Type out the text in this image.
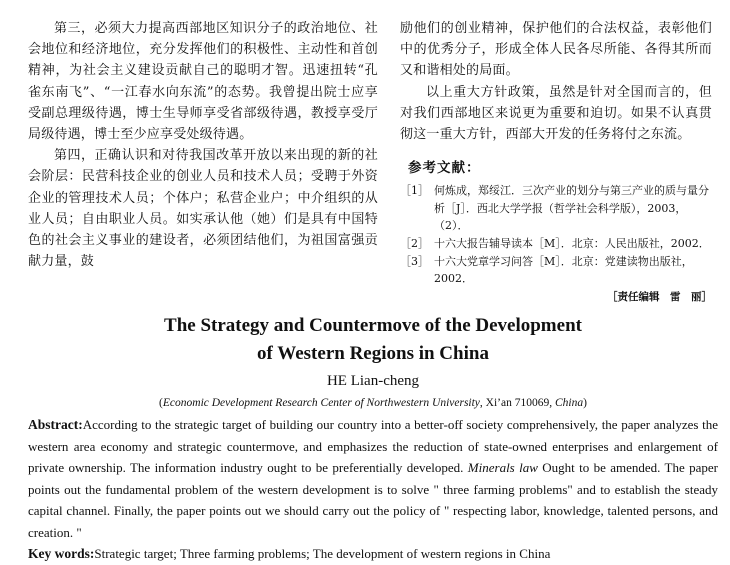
第三，必须大力提高西部地区知识分子的政治地位、社会地位和经济地位，充分发挥他们的积极性、主动性和首创精神，为社会主义建设贡献自己的聪明才智。迅速扭转“孔雀东南飞”、“一江春水向东流”的态势。我曾提出院士应享受副总理级待遇，博士生导师享受省部级待遇，教授享受厅局级待遇，博士至少应享受处级待遇。

第四，正确认识和对待我国改革开放以来出现的新的社会阶层：民营科技企业的创业人员和技术人员；受聘于外资企业的管理技术人员；个体户；私营企业户；中介组织的从业人员；自由职业人员。如实承认他（她）们是具有中国特色的社会主义事业的建设者，必须团结他们，为祖国富强贡献力量，鼓

励他们的创业精神，保护他们的合法权益，表彰他们中的优秀分子，形成全体人民各尽所能、各得其所而又和谐相处的局面。

以上重大方针政策，虽然是针对全国而言的，但对我们西部地区来说更为重要和迫切。如果不认真贯彻这一重大方针，西部大开发的任务将付之东流。

参考文献：

［1］ 何炼成，郑绥江．三次产业的划分与第三产业的质与量分析［J］．西北大学学报（哲学社会科学版），2003，（2）．

［2］ 十六大报告辅导读本［M］．北京：人民出版社，2002．

［3］ 十六大党章学习问答［M］．北京：党建读物出版社，2002．

［责任编辑　雷　丽］

The Strategy and Countermove of the Development

of Western Regions in China

HE Lian-cheng

(Economic Development Research Center of Northwestern University, Xi’an 710069, China)

Abstract:According to the strategic target of building our country into a better-off society comprehensively, the paper analyzes the western area economy and strategic countermove, and emphasizes the reduction of state-owned enterprises and enlargement of private ownership. The information industry ought to be preferentially developed. Minerals law Ought to be amended. The paper points out the fundamental problem of the western development is to solve " three farming problems" and to establish the steady capital channel. Finally, the paper points out we should carry out the policy of " respecting labor, knowledge, talented persons, and creation. "

Key words:Strategic target; Three farming problems; The development of western regions in China
